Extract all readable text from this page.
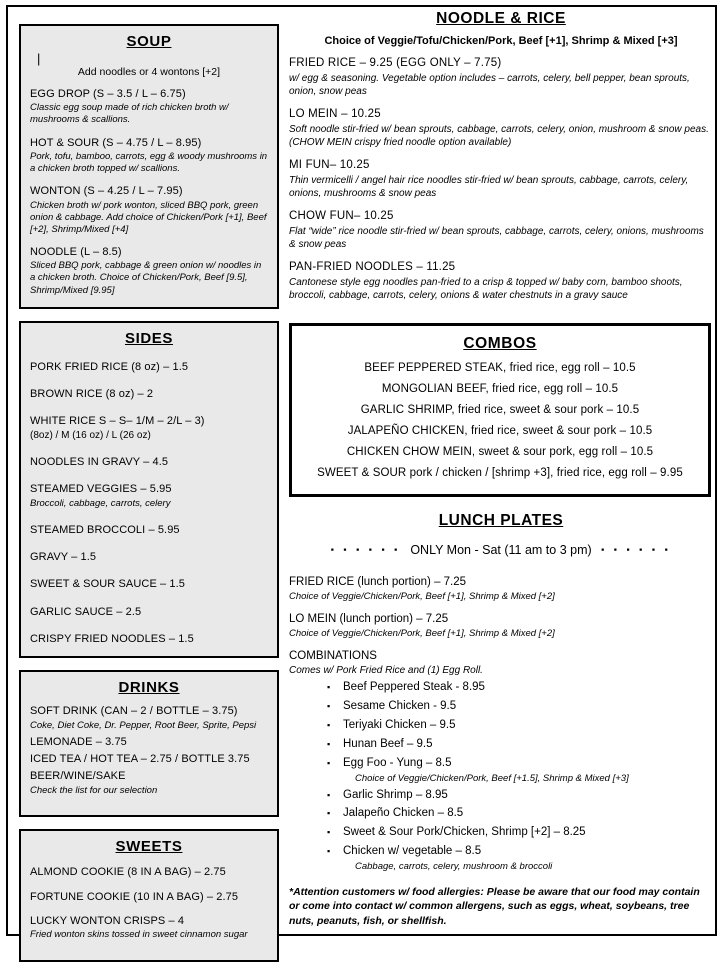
SOUP
|
Add noodles or 4 wontons [+2]
EGG DROP (S – 3.5 / L – 6.75)
Classic egg soup made of rich chicken broth w/ mushrooms & scallions.
HOT & SOUR (S – 4.75 / L – 8.95)
Pork, tofu, bamboo, carrots, egg & woody mushrooms in a chicken broth topped w/ scallions.
WONTON (S – 4.25 / L – 7.95)
Chicken broth w/ pork wonton, sliced BBQ pork, green onion & cabbage. Add choice of Chicken/Pork [+1], Beef [+2], Shrimp/Mixed [+4]
NOODLE (L – 8.5)
Sliced BBQ pork, cabbage & green onion w/ noodles in a chicken broth. Choice of Chicken/Pork, Beef [9.5], Shrimp/Mixed [9.95]
SIDES
PORK FRIED RICE (8 oz) – 1.5
BROWN RICE (8 oz) – 2
WHITE RICE S – S– 1/M – 2/L – 3)
(8oz) / M (16 oz) / L (26 oz)
NOODLES IN GRAVY – 4.5
STEAMED VEGGIES – 5.95
Broccoli, cabbage, carrots, celery
STEAMED BROCCOLI – 5.95
GRAVY – 1.5
SWEET & SOUR SAUCE – 1.5
GARLIC SAUCE – 2.5
CRISPY FRIED NOODLES – 1.5
DRINKS
SOFT DRINK (CAN – 2 / BOTTLE – 3.75)
Coke, Diet Coke, Dr. Pepper, Root Beer, Sprite, Pepsi
LEMONADE – 3.75
ICED TEA / HOT TEA – 2.75 / BOTTLE 3.75
BEER/WINE/SAKE
Check the list for our selection
SWEETS
ALMOND COOKIE (8 IN A BAG) – 2.75
FORTUNE COOKIE (10 IN A BAG) – 2.75
LUCKY WONTON CRISPS – 4
Fried wonton skins tossed in sweet cinnamon sugar
NOODLE & RICE
Choice of Veggie/Tofu/Chicken/Pork, Beef [+1], Shrimp & Mixed [+3]
FRIED RICE – 9.25 (EGG ONLY – 7.75)
w/ egg & seasoning. Vegetable option includes – carrots, celery, bell pepper, bean sprouts, onion, snow peas
LO MEIN – 10.25
Soft noodle stir-fried w/ bean sprouts, cabbage, carrots, celery, onion, mushroom & snow peas. (CHOW MEIN crispy fried noodle option available)
MI FUN– 10.25
Thin vermicelli / angel hair rice noodles stir-fried w/ bean sprouts, cabbage, carrots, celery, onions, mushrooms & snow peas
CHOW FUN– 10.25
Flat “wide” rice noodle stir-fried w/ bean sprouts, cabbage, carrots, celery, onions, mushrooms & snow peas
PAN-FRIED NOODLES – 11.25
Cantonese style egg noodles pan-fried to a crisp & topped w/ baby corn, bamboo shoots, broccoli, cabbage, carrots, celery, onions & water chestnuts in a gravy sauce
COMBOS
BEEF PEPPERED STEAK, fried rice, egg roll – 10.5
MONGOLIAN BEEF, fried rice, egg roll – 10.5
GARLIC SHRIMP, fried rice, sweet & sour pork – 10.5
JALAPEÑO CHICKEN, fried rice, sweet & sour pork – 10.5
CHICKEN CHOW MEIN, sweet & sour pork, egg roll – 10.5
SWEET & SOUR pork / chicken / [shrimp +3], fried rice, egg roll – 9.95
LUNCH PLATES
▪ ▪ ▪ ▪ ▪ ▪ ONLY Mon - Sat (11 am to 3 pm) ▪ ▪ ▪ ▪ ▪ ▪
FRIED RICE (lunch portion) – 7.25
Choice of Veggie/Chicken/Pork, Beef [+1], Shrimp & Mixed [+2]
LO MEIN (lunch portion) – 7.25
Choice of Veggie/Chicken/Pork, Beef [+1], Shrimp & Mixed [+2]
COMBINATIONS
Comes w/ Pork Fried Rice and (1) Egg Roll.
▪	Beef Peppered Steak - 8.95
▪	Sesame Chicken - 9.5
▪	Teriyaki Chicken – 9.5
▪	Hunan Beef – 9.5
▪	Egg Foo - Yung – 8.5
Choice of Veggie/Chicken/Pork, Beef [+1.5], Shrimp & Mixed [+3]
▪	Garlic Shrimp – 8.95
▪	Jalapeño Chicken – 8.5
▪	Sweet & Sour Pork/Chicken, Shrimp [+2] – 8.25
▪	Chicken w/ vegetable – 8.5
Cabbage, carrots, celery, mushroom & broccoli

*Attention customers w/ food allergies: Please be aware that our food may contain or come into contact w/ common allergens, such as eggs, wheat, soybeans, tree nuts, peanuts, fish, or shellfish.
